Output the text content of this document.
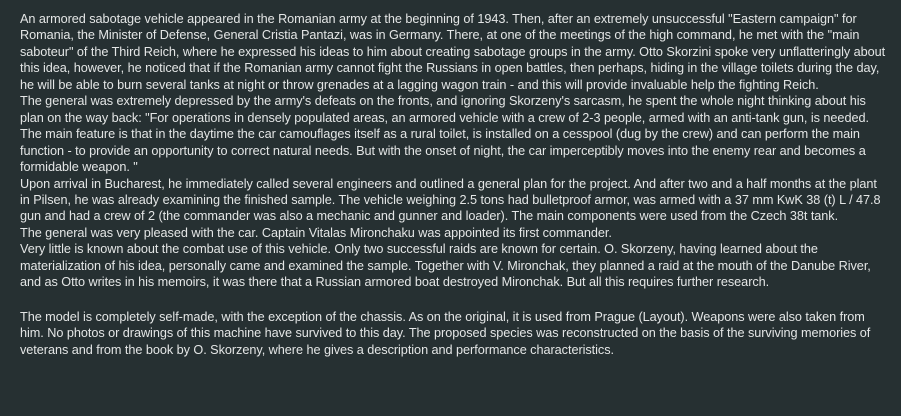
An armored sabotage vehicle appeared in the Romanian army at the beginning of 1943. Then, after an extremely unsuccessful "Eastern campaign" for Romania, the Minister of Defense, General Cristia Pantazi, was in Germany. There, at one of the meetings of the high command, he met with the "main saboteur" of the Third Reich, where he expressed his ideas to him about creating sabotage groups in the army. Otto Skorzini spoke very unflatteringly about this idea, however, he noticed that if the Romanian army cannot fight the Russians in open battles, then perhaps, hiding in the village toilets during the day, he will be able to burn several tanks at night or throw grenades at a lagging wagon train - and this will provide invaluable help the fighting Reich.

The general was extremely depressed by the army's defeats on the fronts, and ignoring Skorzeny's sarcasm, he spent the whole night thinking about his plan on the way back: "For operations in densely populated areas, an armored vehicle with a crew of 2-3 people, armed with an anti-tank gun, is needed. The main feature is that in the daytime the car camouflages itself as a rural toilet, is installed on a cesspool (dug by the crew) and can perform the main function - to provide an opportunity to correct natural needs. But with the onset of night, the car imperceptibly moves into the enemy rear and becomes a formidable weapon. "

Upon arrival in Bucharest, he immediately called several engineers and outlined a general plan for the project. And after two and a half months at the plant in Pilsen, he was already examining the finished sample. The vehicle weighing 2.5 tons had bulletproof armor, was armed with a 37 mm KwK 38 (t) L / 47.8 gun and had a crew of 2 (the commander was also a mechanic and gunner and loader). The main components were used from the Czech 38t tank.

The general was very pleased with the car. Captain Vitalas Mironchaku was appointed its first commander.

Very little is known about the combat use of this vehicle. Only two successful raids are known for certain. O. Skorzeny, having learned about the materialization of his idea, personally came and examined the sample. Together with V. Mironchak, they planned a raid at the mouth of the Danube River, and as Otto writes in his memoirs, it was there that a Russian armored boat destroyed Mironchak. But all this requires further research.

The model is completely self-made, with the exception of the chassis. As on the original, it is used from Prague (Layout). Weapons were also taken from him. No photos or drawings of this machine have survived to this day. The proposed species was reconstructed on the basis of the surviving memories of veterans and from the book by O. Skorzeny, where he gives a description and performance characteristics.
